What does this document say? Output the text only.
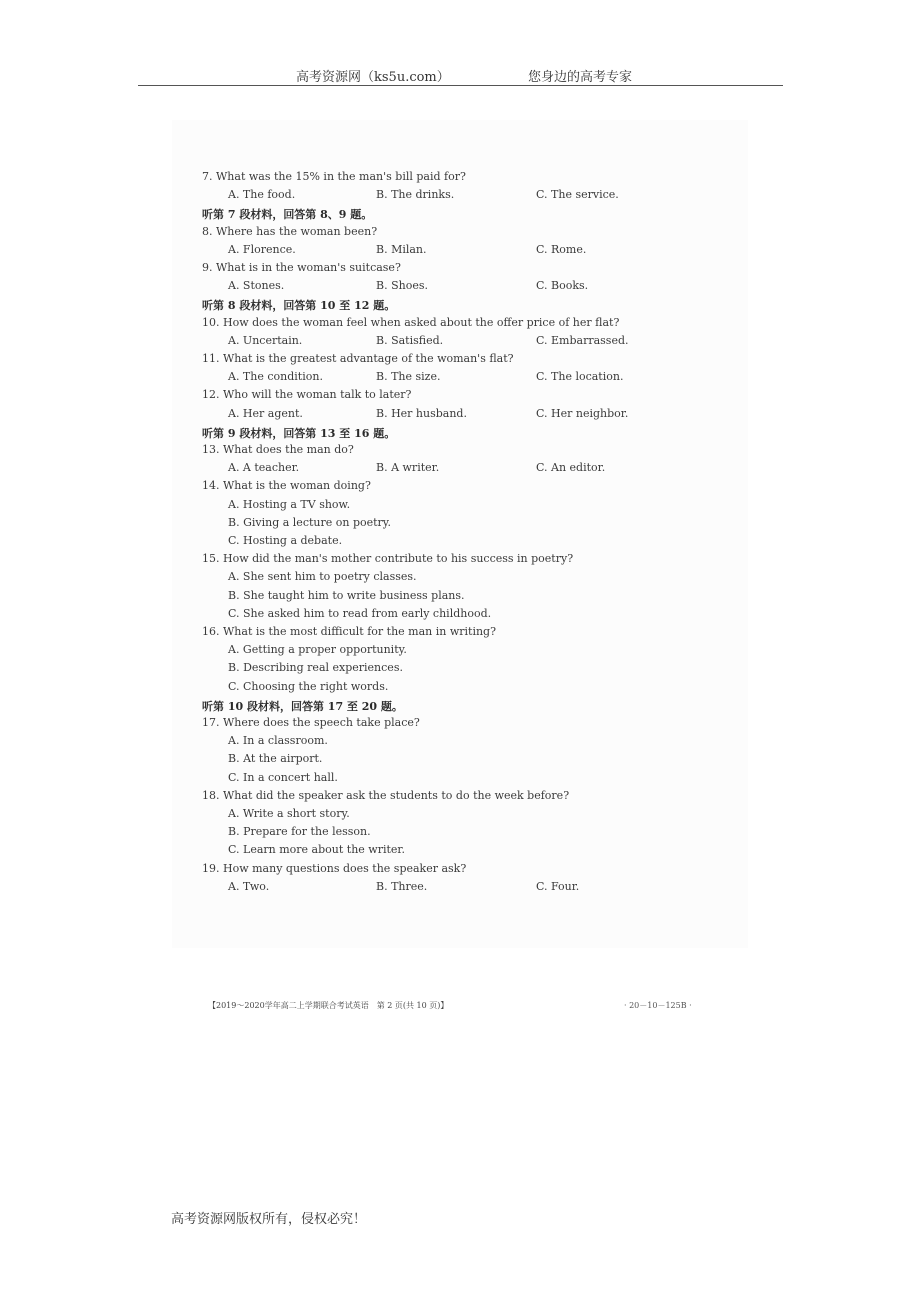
高考资源网（ks5u.com）	您身边的高考专家
【2019～2020学年高二上学期联合考试英语　第 2 页(共 10 页)】	· 20－10－125B ·
7. What was the 15% in the man's bill paid for?
A. The food.	B. The drinks.	C. The service.
听第 7 段材料，回答第 8、9 题。
8. Where has the woman been?
A. Florence.	B. Milan.	C. Rome.
9. What is in the woman's suitcase?
A. Stones.	B. Shoes.	C. Books.
听第 8 段材料，回答第 10 至 12 题。
10. How does the woman feel when asked about the offer price of her flat?
A. Uncertain.	B. Satisfied.	C. Embarrassed.
11. What is the greatest advantage of the woman's flat?
A. The condition.	B. The size.	C. The location.
12. Who will the woman talk to later?
A. Her agent.	B. Her husband.	C. Her neighbor.
听第 9 段材料，回答第 13 至 16 题。
13. What does the man do?
A. A teacher.	B. A writer.	C. An editor.
14. What is the woman doing?
A. Hosting a TV show.
B. Giving a lecture on poetry.
C. Hosting a debate.
15. How did the man's mother contribute to his success in poetry?
A. She sent him to poetry classes.
B. She taught him to write business plans.
C. She asked him to read from early childhood.
16. What is the most difficult for the man in writing?
A. Getting a proper opportunity.
B. Describing real experiences.
C. Choosing the right words.
听第 10 段材料，回答第 17 至 20 题。
17. Where does the speech take place?
A. In a classroom.
B. At the airport.
C. In a concert hall.
18. What did the speaker ask the students to do the week before?
A. Write a short story.
B. Prepare for the lesson.
C. Learn more about the writer.
19. How many questions does the speaker ask?
A. Two.	B. Three.	C. Four.
高考资源网版权所有，侵权必究！
